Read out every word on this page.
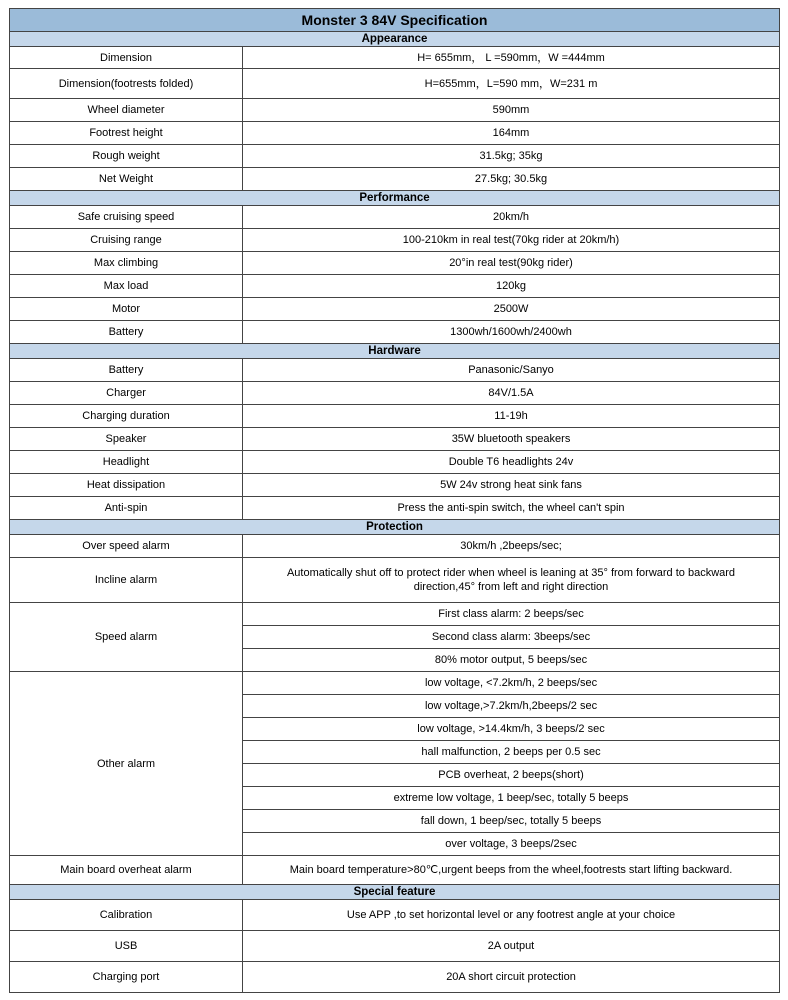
Monster 3 84V Specification	
Appearance	
Dimension	H= 655mm， L =590mm，W =444mm
Dimension(footrests folded)	H=655mm，L=590 mm，W=231 m
Wheel diameter	590mm
Footrest height	164mm
Rough weight	31.5kg; 35kg
Net Weight	27.5kg; 30.5kg
Performance	
Safe cruising speed	20km/h
Cruising range	100-210km in real test(70kg rider at 20km/h)
Max climbing	20°in real test(90kg rider)
Max load	120kg
Motor	2500W
Battery	1300wh/1600wh/2400wh
Hardware	
Battery	Panasonic/Sanyo
Charger	84V/1.5A
Charging duration	11-19h
Speaker	35W bluetooth speakers
Headlight	Double T6 headlights 24v
Heat dissipation	5W 24v strong heat sink fans
Anti-spin	Press the anti-spin switch, the wheel can't spin
Protection	
Over speed alarm	30km/h ,2beeps/sec;
Incline alarm	Automatically shut off to protect rider when wheel is leaning at 35° from forward to backward direction,45° from left and right direction
Speed alarm	First class alarm: 2 beeps/sec
	Second class alarm: 3beeps/sec
	80% motor output, 5 beeps/sec
Other alarm	low voltage, <7.2km/h, 2 beeps/sec
	low voltage,>7.2km/h,2beeps/2 sec
	low voltage, >14.4km/h, 3 beeps/2 sec
	hall malfunction, 2 beeps per 0.5 sec
	PCB overheat, 2 beeps(short)
	extreme low voltage, 1 beep/sec, totally 5 beeps
	fall down, 1 beep/sec, totally 5 beeps
	over voltage, 3 beeps/2sec
Main board overheat alarm	Main board temperature>80℃,urgent beeps from the wheel,footrests start lifting backward.
Special feature	
Calibration	Use APP ,to set horizontal level or any footrest angle at your choice
USB	2A output
Charging port	20A short circuit protection
